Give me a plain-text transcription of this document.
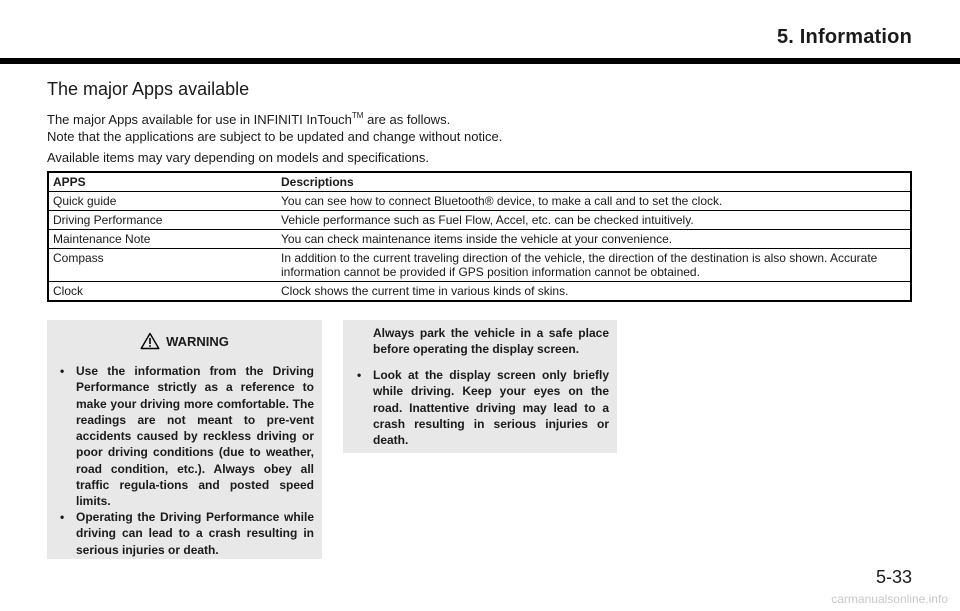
5. Information
The major Apps available
The major Apps available for use in INFINITI InTouch™ are as follows.
Note that the applications are subject to be updated and change without notice.
Available items may vary depending on models and specifications.
APPS	Descriptions
Quick guide	You can see how to connect Bluetooth® device, to make a call and to set the clock.
Driving Performance	Vehicle performance such as Fuel Flow, Accel, etc. can be checked intuitively.
Maintenance Note	You can check maintenance items inside the vehicle at your convenience.
Compass	In addition to the current traveling direction of the vehicle, the direction of the destination is also shown. Accurate information cannot be provided if GPS position information cannot be obtained.
Clock	Clock shows the current time in various kinds of skins.
WARNING
• Use the information from the Driving Performance strictly as a reference to make your driving more comfortable. The readings are not meant to pre-vent accidents caused by reckless driving or poor driving conditions (due to weather, road condition, etc.). Always obey all traffic regula-tions and posted speed limits.
• Operating the Driving Performance while driving can lead to a crash resulting in serious injuries or death.
Always park the vehicle in a safe place before operating the display screen.
• Look at the display screen only briefly while driving. Keep your eyes on the road. Inattentive driving may lead to a crash resulting in serious injuries or death.
5-33
carmanualsonline.info
